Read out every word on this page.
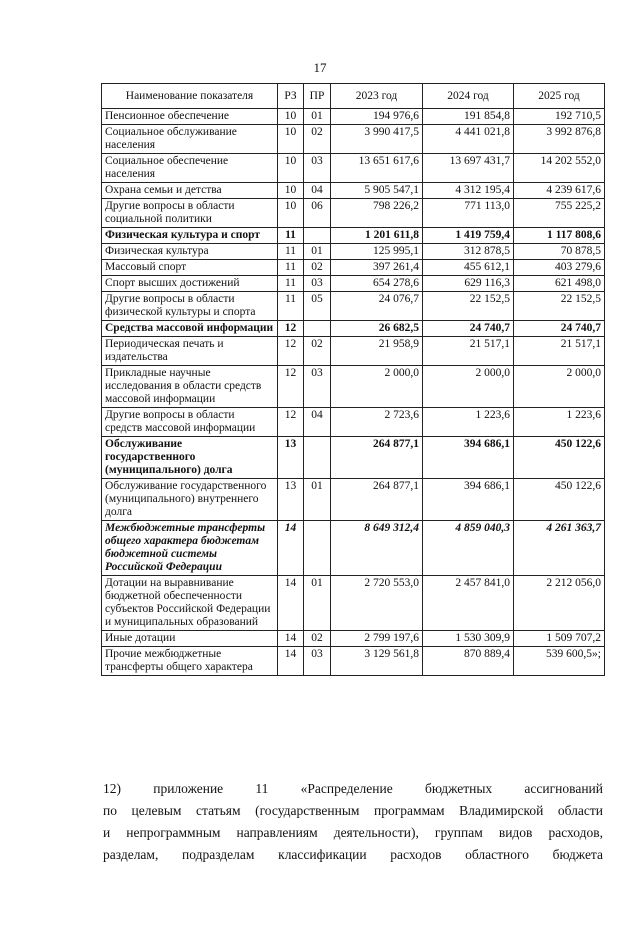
17
Наименование показателя	РЗ	ПР	2023 год	2024 год	2025 год
Пенсионное обеспечение	10	01	194 976,6	191 854,8	192 710,5
Социальное обслуживание населения	10	02	3 990 417,5	4 441 021,8	3 992 876,8
Социальное обеспечение населения	10	03	13 651 617,6	13 697 431,7	14 202 552,0
Охрана семьи и детства	10	04	5 905 547,1	4 312 195,4	4 239 617,6
Другие вопросы в области социальной политики	10	06	798 226,2	771 113,0	755 225,2
Физическая культура и спорт	11		1 201 611,8	1 419 759,4	1 117 808,6
Физическая культура	11	01	125 995,1	312 878,5	70 878,5
Массовый спорт	11	02	397 261,4	455 612,1	403 279,6
Спорт высших достижений	11	03	654 278,6	629 116,3	621 498,0
Другие вопросы в области физической культуры и спорта	11	05	24 076,7	22 152,5	22 152,5
Средства массовой информации	12		26 682,5	24 740,7	24 740,7
Периодическая печать и издательства	12	02	21 958,9	21 517,1	21 517,1
Прикладные научные исследования в области средств массовой информации	12	03	2 000,0	2 000,0	2 000,0
Другие вопросы в области средств массовой информации	12	04	2 723,6	1 223,6	1 223,6
Обслуживание государственного (муниципального) долга	13		264 877,1	394 686,1	450 122,6
Обслуживание государственного (муниципального) внутреннего долга	13	01	264 877,1	394 686,1	450 122,6
Межбюджетные трансферты общего характера бюджетам бюджетной системы Российской Федерации	14		8 649 312,4	4 859 040,3	4 261 363,7
Дотации на выравнивание бюджетной обеспеченности субъектов Российской Федерации и муниципальных образований	14	01	2 720 553,0	2 457 841,0	2 212 056,0
Иные дотации	14	02	2 799 197,6	1 530 309,9	1 509 707,2
Прочие межбюджетные трансферты общего характера	14	03	3 129 561,8	870 889,4	539 600,5»;
12) приложение 11 «Распределение бюджетных ассигнований
по целевым статьям (государственным программам Владимирской области
и непрограммным направлениям деятельности), группам видов расходов,
разделам, подразделам классификации расходов областного бюджета
